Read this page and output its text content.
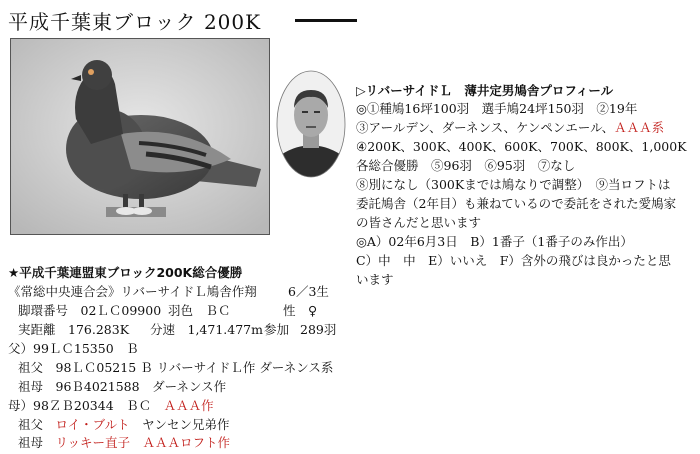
平成千葉東ブロック 200K
▷リバーサイドＬ　薄井定男鳩舎プロフィール
◎①種鳩16坪100羽　選手鳩24坪150羽　②19年
③アールデン、ダーネンス、ケンペンエール、ＡＡＡ系
④200K、300K、400K、600K、700K、800K、1,000K
各総合優勝　⑤96羽　⑥95羽　⑦なし
⑧別になし（300Kまでは鳩なりで調整）　⑨当ロフトは
委託鳩舎（2年目）も兼ねているので委託をされた愛鳩家
の皆さんだと思います
◎A）02年6月3日　B）1番子（1番子のみ作出）
C）中　中　E）いいえ　F）含外の飛びは良かったと思
います
★平成千葉連盟東ブロック200K総合優勝
《常総中央連合会》リバーサイドＬ鳩舎作翔 6／3生
脚環番号　02ＬＣ09900 羽色　ＢＣ	性　♀
実距離　176.283K 分速　1,471.477m 参加 289羽
父）99ＬＣ15350　Ｂ
祖父　98ＬＣ05215 Ｂ リバーサイドＬ作 ダーネンス系
祖母　96Ｂ4021588　ダーネンス作
母）98ＺＢ20344　ＢＣ　ＡＡＡ作
祖父　ロイ・ブルト　ヤンセン兄弟作
祖母　リッキー直子　ＡＡＡロフト作
